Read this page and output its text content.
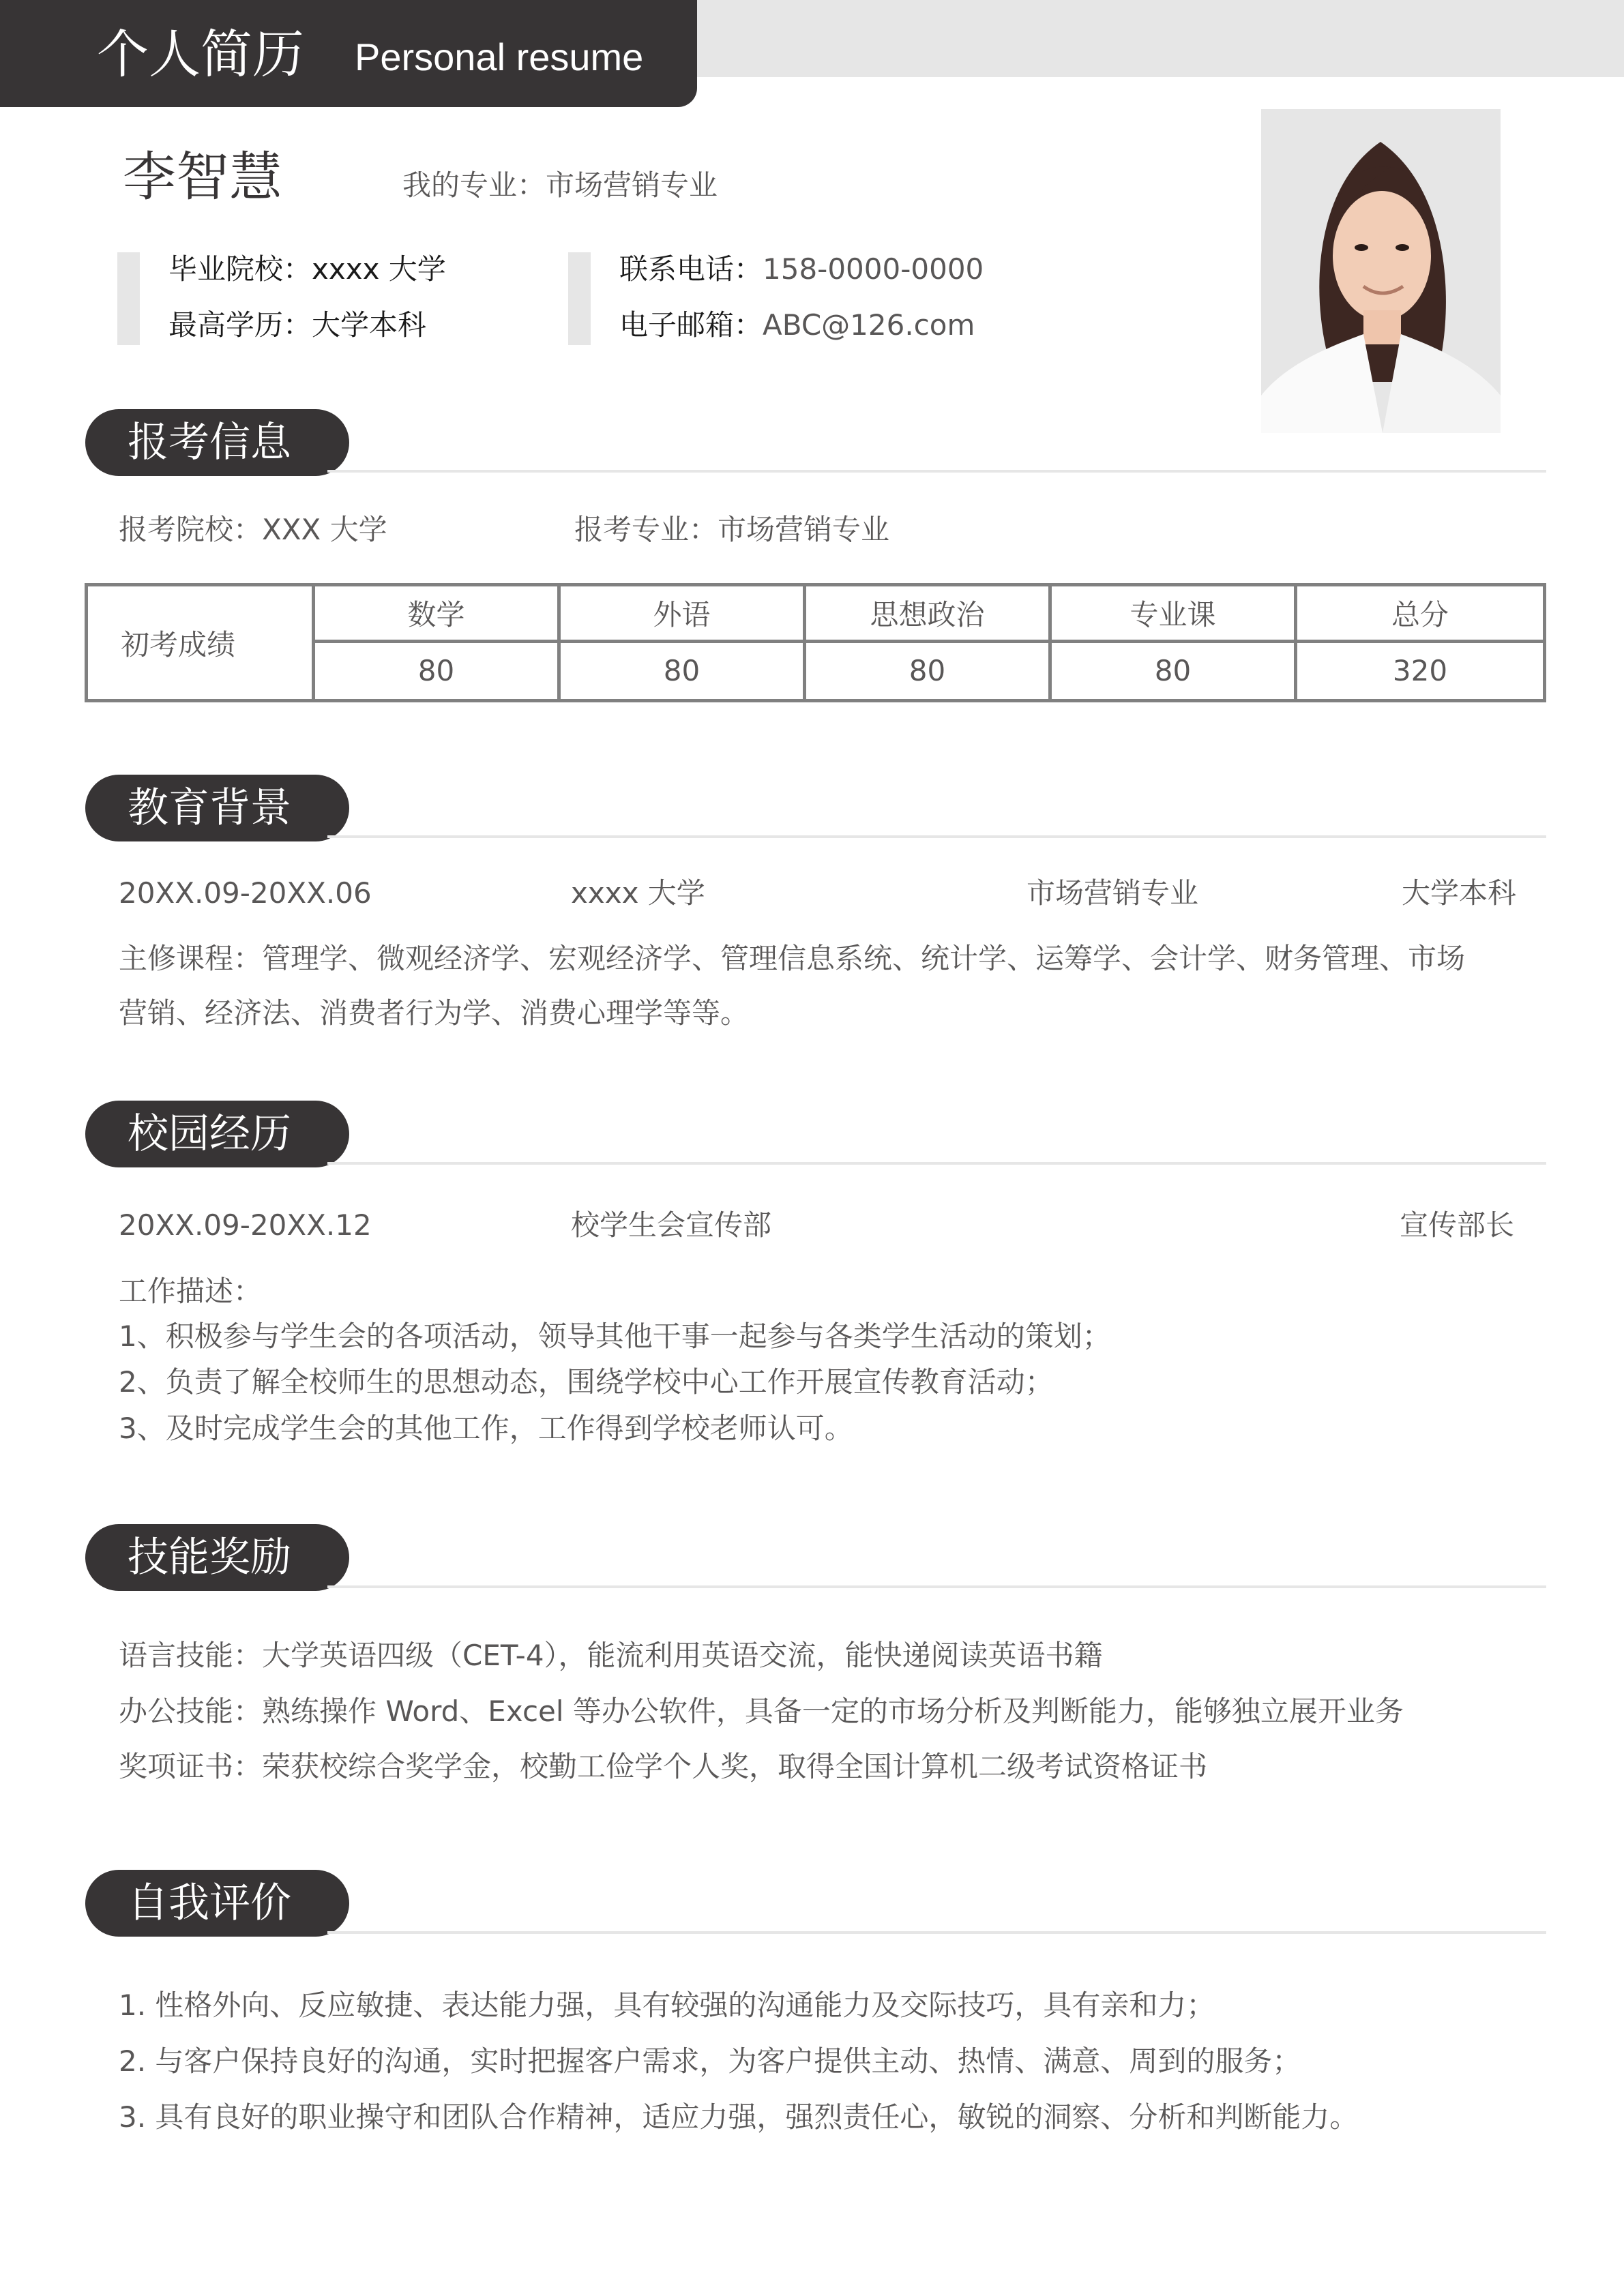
个人简历 Personal resume
李智慧	我的专业：市场营销专业
毕业院校：xxxx 大学
最高学历：大学本科
联系电话：158-0000-0000
电子邮箱：ABC@126.com
报考信息
报考院校：XXX 大学	报考专业：市场营销专业
初考成绩
数学	外语	思想政治	专业课	总分
80	80	80	80	320
教育背景
20XX.09-20XX.06	xxxx 大学	市场营销专业	大学本科
主修课程：管理学、微观经济学、宏观经济学、管理信息系统、统计学、运筹学、会计学、财务管理、市场
营销、经济法、消费者行为学、消费心理学等等。
校园经历
20XX.09-20XX.12	校学生会宣传部	宣传部长
工作描述：
1、积极参与学生会的各项活动，领导其他干事一起参与各类学生活动的策划；
2、负责了解全校师生的思想动态，围绕学校中心工作开展宣传教育活动；
3、及时完成学生会的其他工作，工作得到学校老师认可。
技能奖励
语言技能：大学英语四级（CET-4），能流利用英语交流，能快递阅读英语书籍
办公技能：熟练操作 Word、Excel 等办公软件，具备一定的市场分析及判断能力，能够独立展开业务
奖项证书：荣获校综合奖学金，校勤工俭学个人奖，取得全国计算机二级考试资格证书
自我评价
1. 性格外向、反应敏捷、表达能力强，具有较强的沟通能力及交际技巧，具有亲和力；
2. 与客户保持良好的沟通，实时把握客户需求，为客户提供主动、热情、满意、周到的服务；
3. 具有良好的职业操守和团队合作精神，适应力强，强烈责任心，敏锐的洞察、分析和判断能力。
